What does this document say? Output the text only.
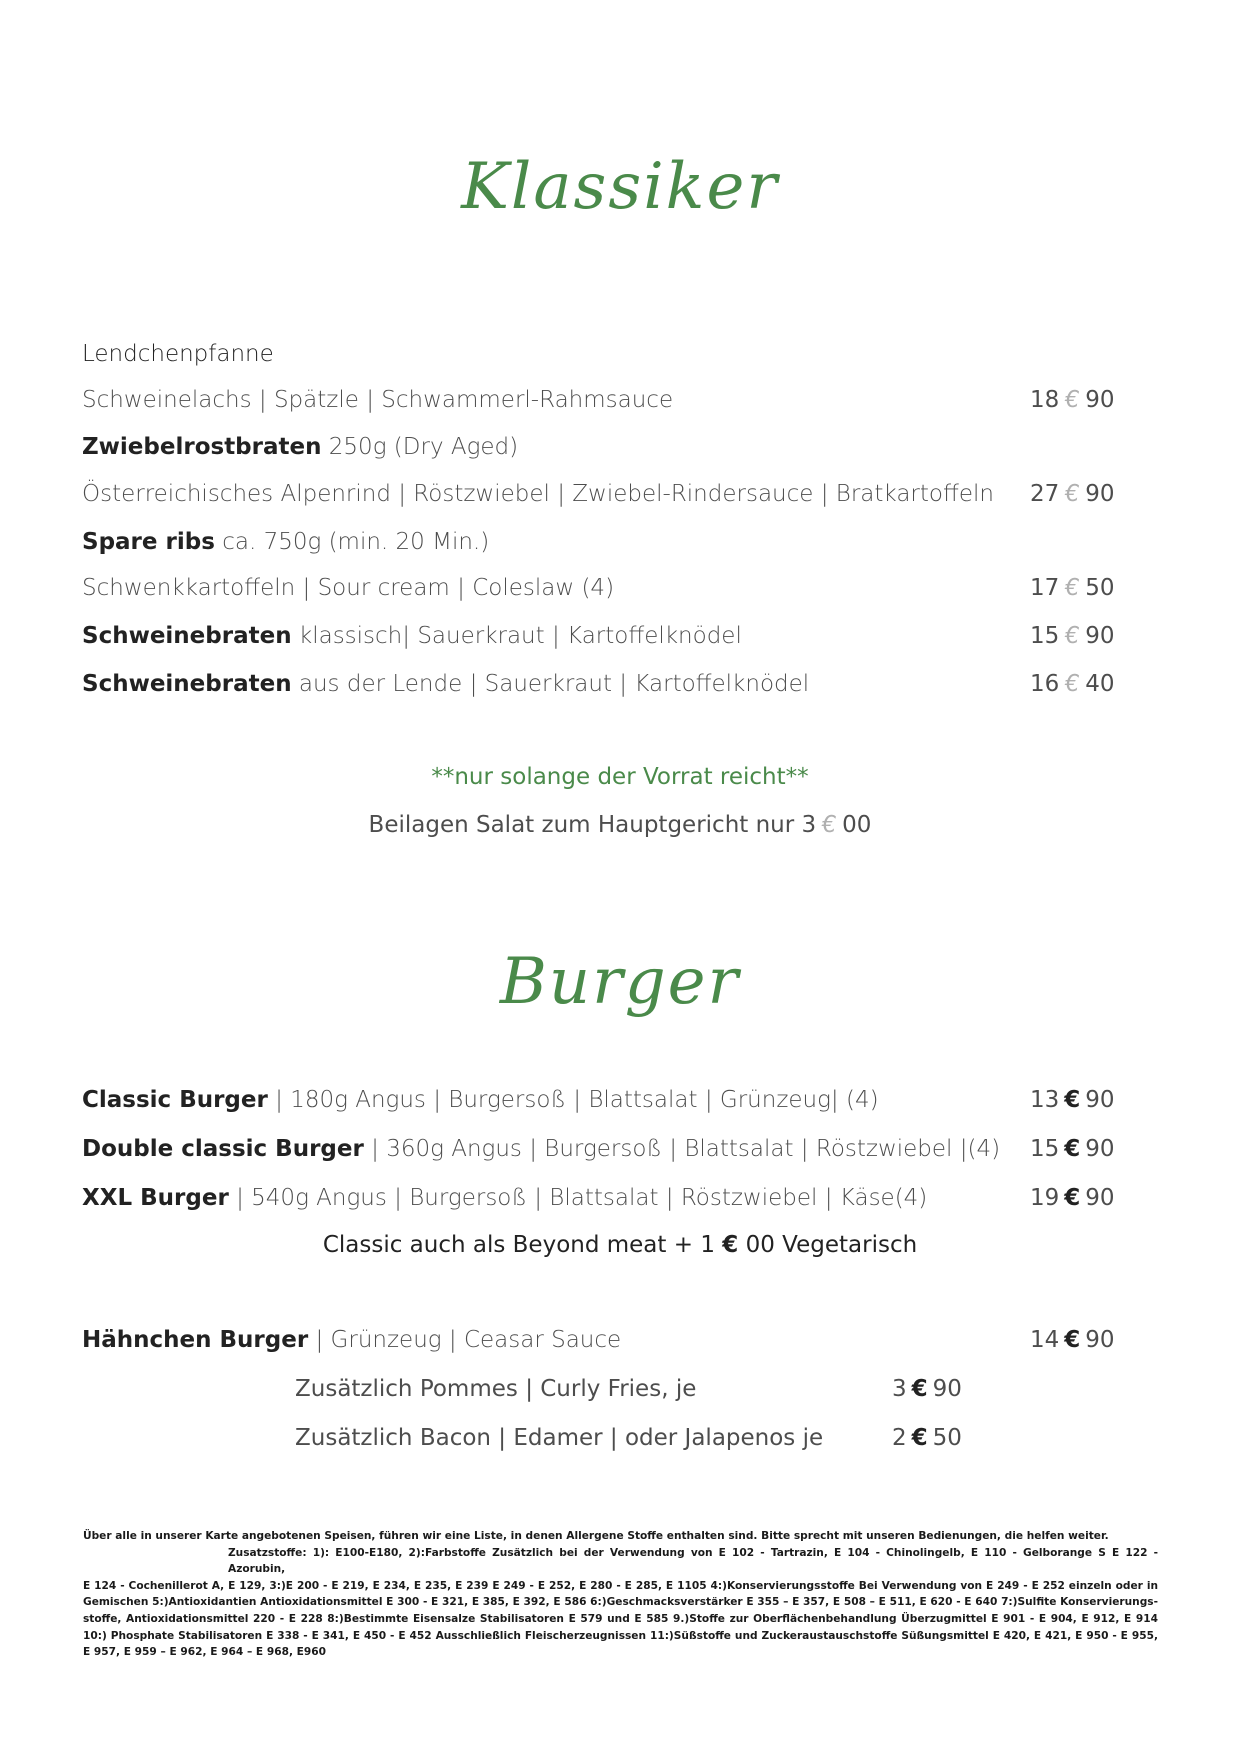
Klassiker
Lendchenpfanne
Schweinelachs | Spätzle | Schwammerl-Rahmsauce	18 € 90
Zwiebelrostbraten 250g (Dry Aged)
Österreichisches Alpenrind | Röstzwiebel | Zwiebel-Rindersauce | Bratkartoffeln	27 € 90
Spare ribs ca. 750g (min. 20 Min.)
Schwenkkartoffeln | Sour cream | Coleslaw (4)	17 € 50
Schweinebraten klassisch| Sauerkraut | Kartoffelknödel	15 € 90
Schweinebraten aus der Lende | Sauerkraut | Kartoffelknödel	16 € 40
**nur solange der Vorrat reicht**
Beilagen Salat zum Hauptgericht nur 3 € 00
Burger
Classic Burger | 180g Angus | Burgersoß | Blattsalat | Grünzeug| (4)	13 € 90
Double classic Burger | 360g Angus | Burgersoß | Blattsalat | Röstzwiebel |(4)	15 € 90
XXL Burger | 540g Angus | Burgersoß | Blattsalat | Röstzwiebel | Käse(4)	19 € 90
Classic auch als Beyond meat + 1 € 00 Vegetarisch
Hähnchen Burger | Grünzeug | Ceasar Sauce	14 € 90
Zusätzlich Pommes | Curly Fries, je	3 € 90
Zusätzlich Bacon | Edamer | oder Jalapenos je	2 € 50
Über alle in unserer Karte angebotenen Speisen, führen wir eine Liste, in denen Allergene Stoffe enthalten sind. Bitte sprecht mit unseren Bedienungen, die helfen weiter.
Zusatzstoffe: 1): E100-E180, 2):Farbstoffe Zusätzlich bei der Verwendung von E 102 - Tartrazin, E 104 - Chinolingelb, E 110 - Gelborange S E 122 - Azorubin,
E 124 - Cochenillerot A, E 129, 3:)E 200 - E 219, E 234, E 235, E 239 E 249 - E 252, E 280 - E 285, E 1105 4:)Konservierungsstoffe Bei Verwendung von E 249 - E 252 einzeln oder in Gemischen 5:)Antioxidantien Antioxidationsmittel E 300 - E 321, E 385, E 392, E 586 6:)Geschmacksverstärker E 355 – E 357, E 508 – E 511, E 620 - E 640 7:)Sulfite Konservierungs-stoffe, Antioxidationsmittel 220 - E 228 8:)Bestimmte Eisensalze Stabilisatoren E 579 und E 585 9.)Stoffe zur Oberflächenbehandlung Überzugmittel E 901 - E 904, E 912, E 914 10:) Phosphate Stabilisatoren E 338 - E 341, E 450 - E 452 Ausschließlich Fleischerzeugnissen 11:)Süßstoffe und Zuckeraustauschstoffe Süßungsmittel E 420, E 421, E 950 - E 955, E 957, E 959 – E 962, E 964 – E 968, E960
